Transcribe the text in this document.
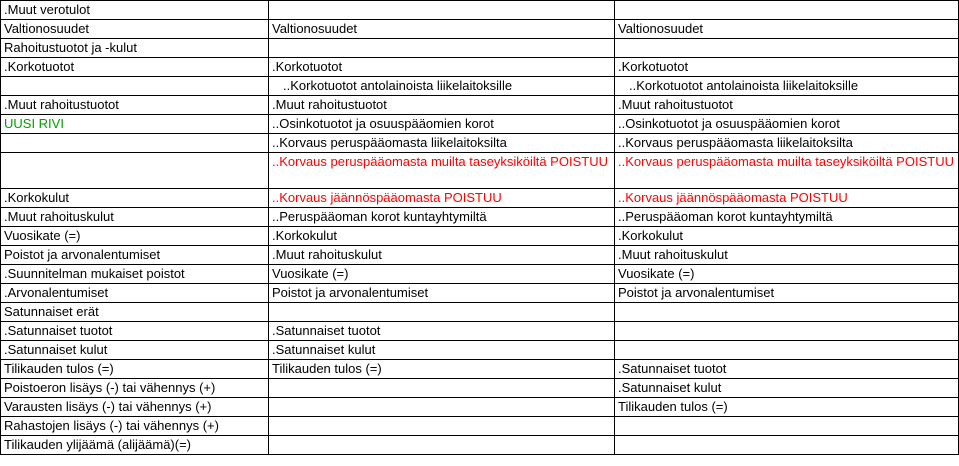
.Muut verotulot		
Valtionosuudet	Valtionosuudet	Valtionosuudet
Rahoitustuotot ja -kulut		
.Korkotuotot	.Korkotuotot	.Korkotuotot
	..Korkotuotot antolainoista liikelaitoksille	..Korkotuotot antolainoista liikelaitoksille
.Muut rahoitustuotot	.Muut rahoitustuotot	.Muut rahoitustuotot
UUSI RIVI	..Osinkotuotot ja osuuspääomien korot	..Osinkotuotot ja osuuspääomien korot
	..Korvaus peruspääomasta liikelaitoksilta	..Korvaus peruspääomasta liikelaitoksilta
	..Korvaus peruspääomasta muilta taseyksiköiltä POISTUU	..Korvaus peruspääomasta muilta taseyksiköiltä POISTUU
.Korkokulut	..Korvaus jäännöspääomasta POISTUU	..Korvaus jäännöspääomasta POISTUU
.Muut rahoituskulut	..Peruspääoman korot kuntayhtymiltä	..Peruspääoman korot kuntayhtymiltä
Vuosikate (=)	.Korkokulut	.Korkokulut
Poistot ja arvonalentumiset	.Muut rahoituskulut	.Muut rahoituskulut
.Suunnitelman mukaiset poistot	Vuosikate (=)	Vuosikate (=)
.Arvonalentumiset	Poistot ja arvonalentumiset	Poistot ja arvonalentumiset
Satunnaiset erät		
.Satunnaiset tuotot	.Satunnaiset tuotot	
.Satunnaiset kulut	.Satunnaiset kulut	
Tilikauden tulos (=)	Tilikauden tulos (=)	.Satunnaiset tuotot
Poistoeron lisäys (-) tai vähennys (+)		.Satunnaiset kulut
Varausten lisäys (-) tai vähennys (+)		Tilikauden tulos (=)
Rahastojen lisäys (-) tai vähennys (+)		
Tilikauden ylijäämä (alijäämä)(=)		
